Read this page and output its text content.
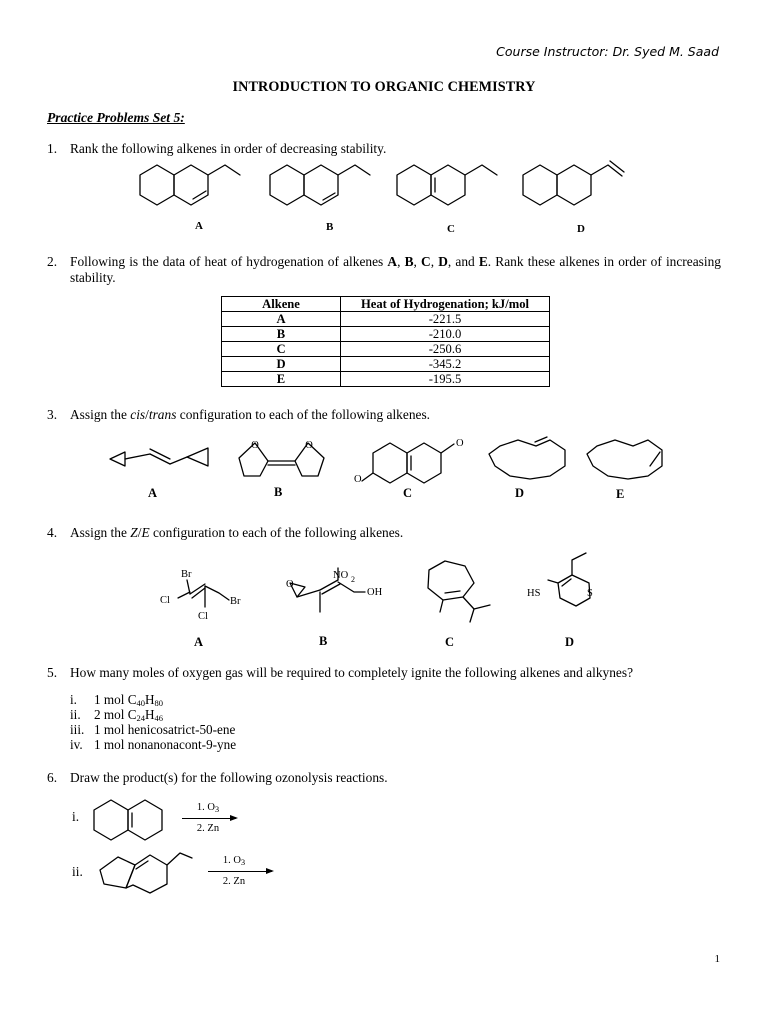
Course Instructor: Dr. Syed M. Saad
INTRODUCTION TO ORGANIC CHEMISTRY
Practice Problems Set 5:
1. Rank the following alkenes in order of decreasing stability.
A	B	C	D
2. Following is the data of heat of hydrogenation of alkenes A, B, C, D, and E. Rank these alkenes in order of increasing stability.
Alkene	Heat of Hydrogenation; kJ/mol
A	-221.5
B	-210.0
C	-250.6
D	-345.2
E	-195.5
3. Assign the cis/trans configuration to each of the following alkenes.
O	O	O
O
A	B	C	D	E
4. Assign the Z/E configuration to each of the following alkenes.
Br
Cl	Br
Cl
O
NO 2
OH	HS	S
A	B	C	D
5. How many moles of oxygen gas will be required to completely ignite the following alkenes and alkynes?
i. 1 mol $C_{40}H_{80}$
ii. 2 mol $C_{24}H_{46}$
iii. 1 mol henicosatrict-50-ene
iv. 1 mol nonanonacont-9-yne
6. Draw the product(s) for the following ozonolysis reactions.
i.
1. $O_3$
2. Zn
ii.
1. $O_3$
2. Zn
1
